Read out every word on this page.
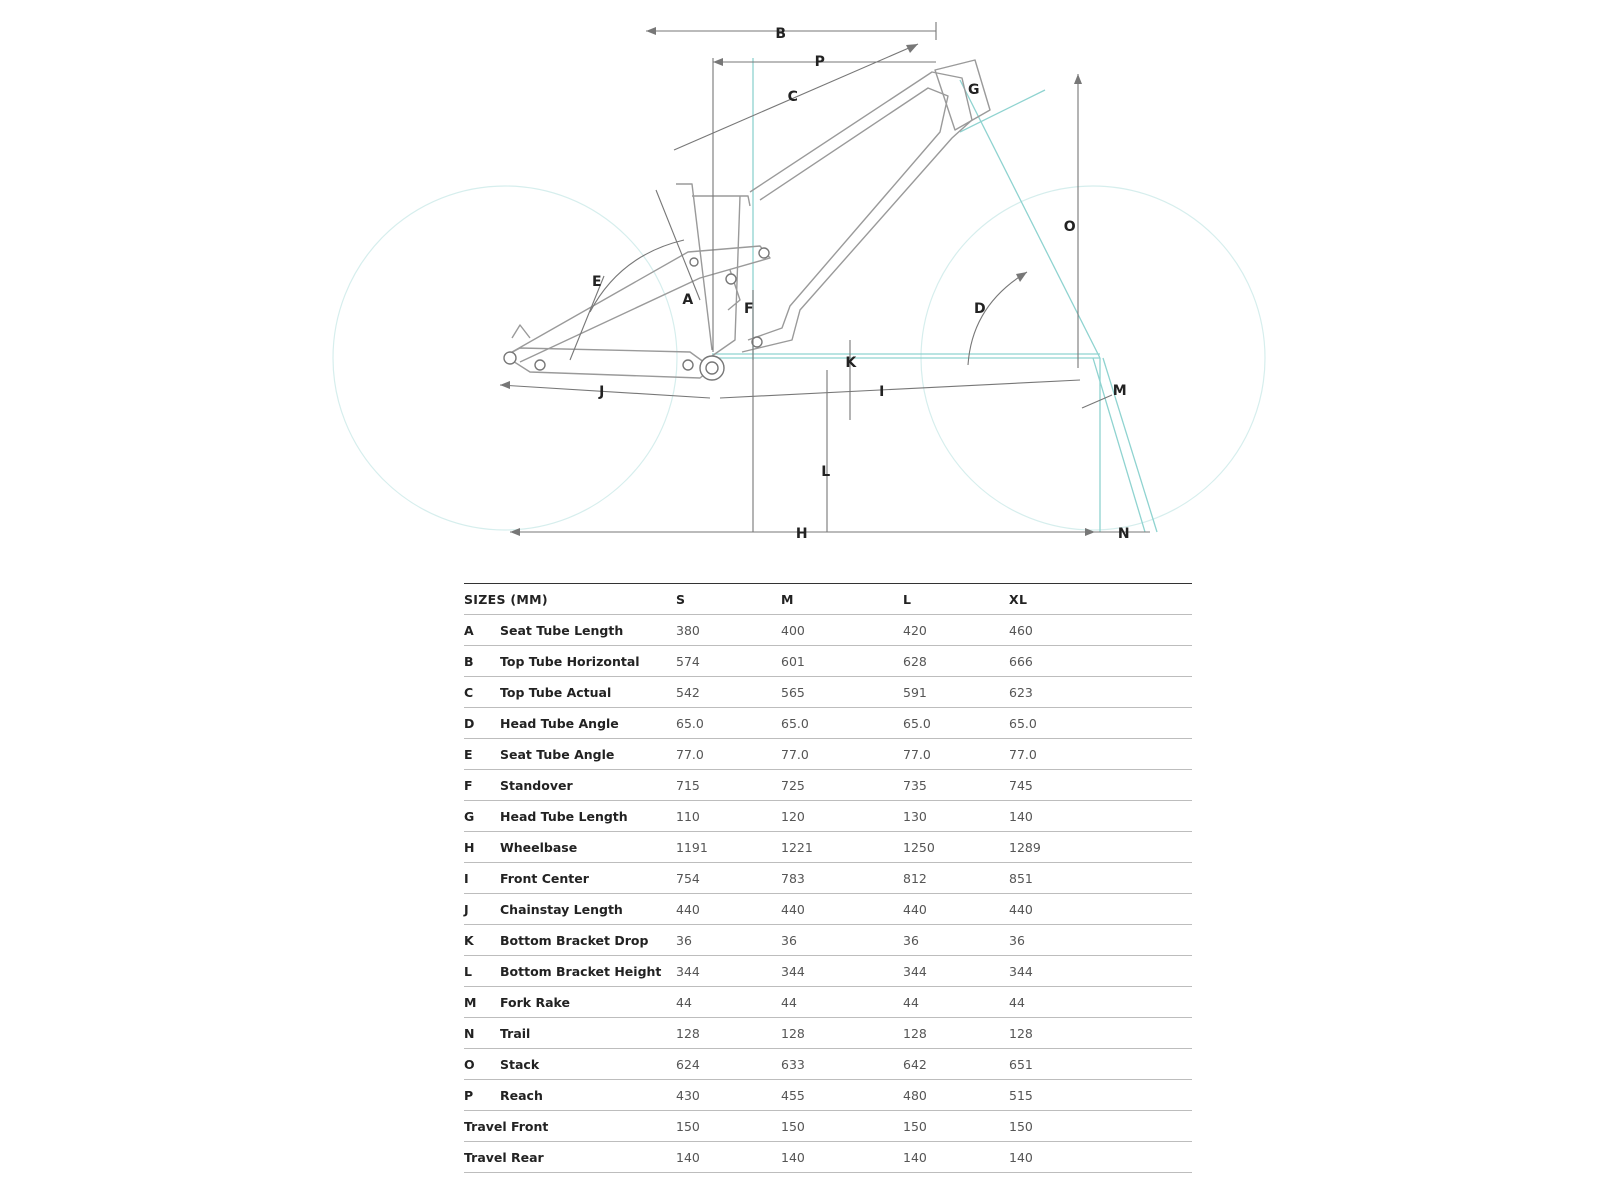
B
P
C	G
O
E
A
F	D
K
J	I	M
L
H	N
SIZES (MM)		S	M	L	XL
A	Seat Tube Length	380	400	420	460
B	Top Tube Horizontal	574	601	628	666
C	Top Tube Actual	542	565	591	623
D	Head Tube Angle	65.0	65.0	65.0	65.0
E	Seat Tube Angle	77.0	77.0	77.0	77.0
F	Standover	715	725	735	745
G	Head Tube Length	110	120	130	140
H	Wheelbase	1191	1221	1250	1289
I	Front Center	754	783	812	851
J	Chainstay Length	440	440	440	440
K	Bottom Bracket Drop	36	36	36	36
L	Bottom Bracket Height	344	344	344	344
M	Fork Rake	44	44	44	44
N	Trail	128	128	128	128
O	Stack	624	633	642	651
P	Reach	430	455	480	515
Travel Front		150	150	150	150
Travel Rear		140	140	140	140
